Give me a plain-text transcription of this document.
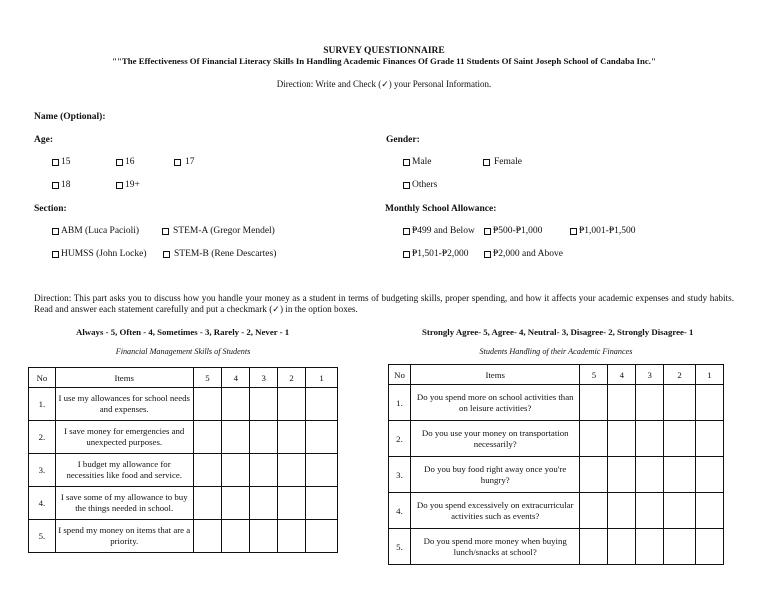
SURVEY QUESTIONNAIRE
""The Effectiveness Of Financial Literacy Skills In Handling Academic Finances Of Grade 11 Students Of Saint Joseph School of Candaba Inc."
Direction: Write and Check (✓) your Personal Information.
Name (Optional):
Age:
15	16	17
18	19+
Gender:
Male	Female
Others
Section:
ABM (Luca Pacioli)	STEM-A (Gregor Mendel)
HUMSS (John Locke)	STEM-B (Rene Descartes)
Monthly School Allowance:
₱499 and Below ₱500-₱1,000	₱1,001-₱1,500
₱1,501-₱2,000	₱2,000 and Above
Direction: This part asks you to discuss how you handle your money as a student in terms of budgeting skills, proper spending, and how it affects your academic expenses and study habits. Read and answer each statement carefully and put a checkmark (✓) in the option boxes.
Always - 5, Often - 4, Sometimes - 3, Rarely - 2, Never - 1	Strongly Agree- 5, Agree- 4, Neutral- 3, Disagree- 2, Strongly Disagree- 1
Financial Management Skills of Students	Students Handling of their Academic Finances
No	Items	5	4	3	2	1
1.	I use my allowances for school needs and expenses.					
2.	I save money for emergencies and unexpected purposes.					
3.	I budget my allowance for necessities like food and service.					
4.	I save some of my allowance to buy the things needed in school.					
5.	I spend my money on items that are a priority.					
No	Items	5	4	3	2	1
1.	Do you spend more on school activities than on leisure activities?					
2.	Do you use your money on transportation necessarily?					
3.	Do you buy food right away once you're hungry?					
4.	Do you spend excessively on extracurricular activities such as events?					
5.	Do you spend more money when buying lunch/snacks at school?					
